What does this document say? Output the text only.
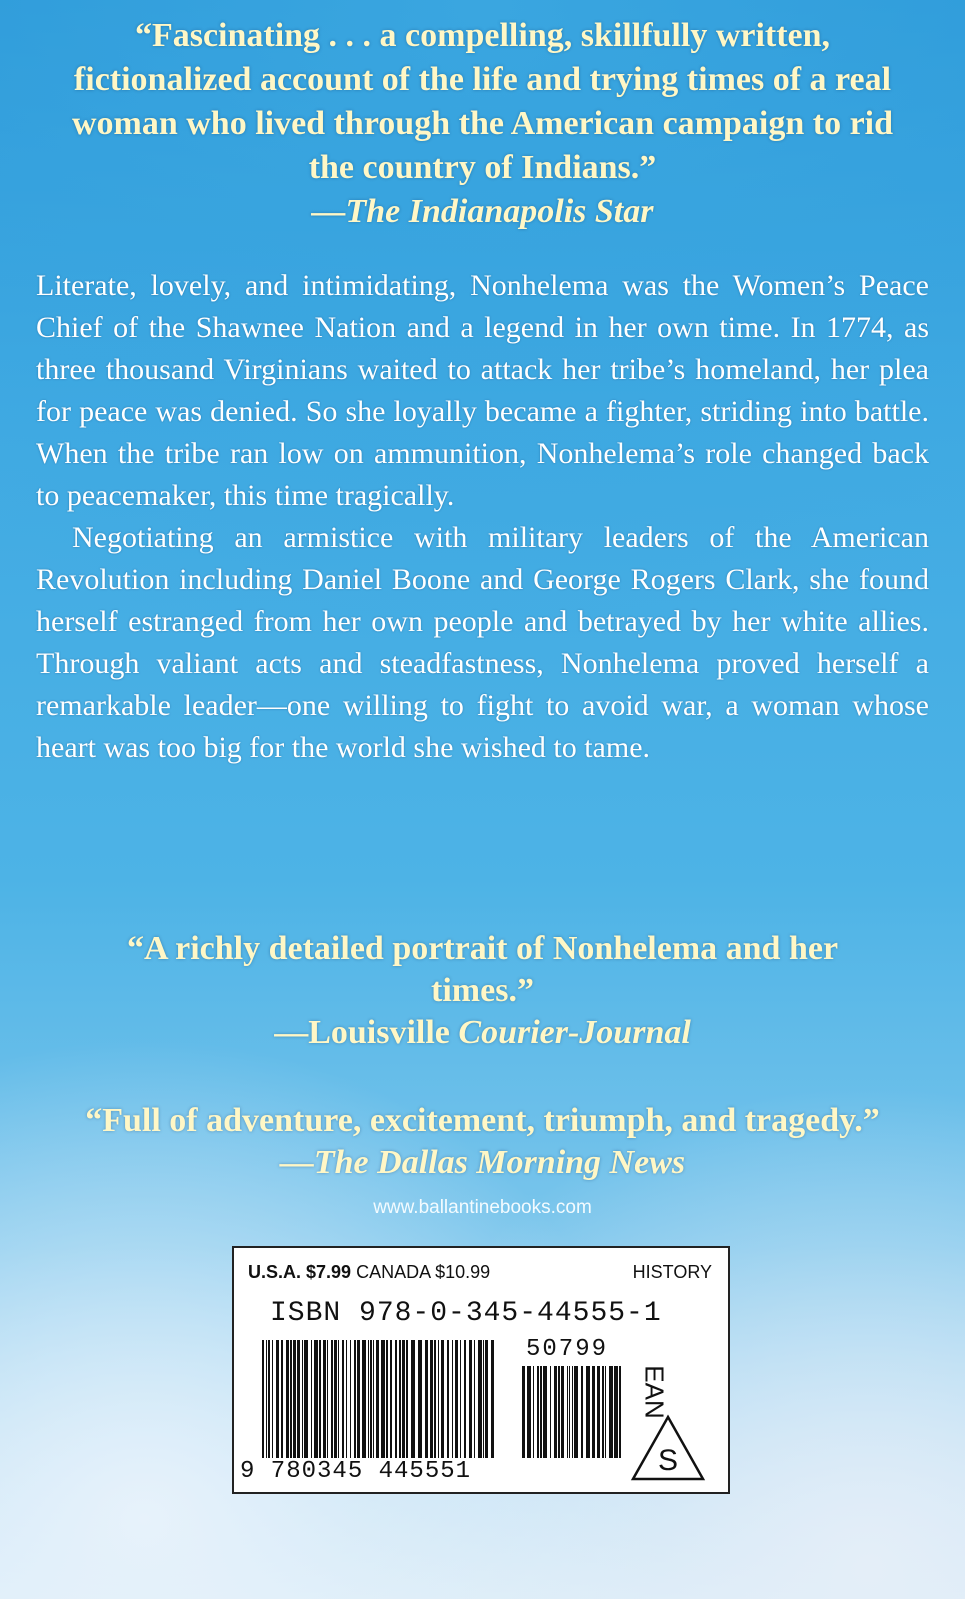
“Fascinating . . . a compelling, skillfully written, fictionalized account of the life and trying times of a real woman who lived through the American campaign to rid the country of Indians.”
—The Indianapolis Star

Literate, lovely, and intimidating, Nonhelema was the Women’s Peace Chief of the Shawnee Nation and a legend in her own time. In 1774, as three thousand Virginians waited to attack her tribe’s homeland, her plea for peace was denied. So she loyally became a fighter, striding into battle. When the tribe ran low on ammunition, Nonhelema’s role changed back to peacemaker, this time tragically.

Negotiating an armistice with military leaders of the American Revolution including Daniel Boone and George Rogers Clark, she found herself estranged from her own people and betrayed by her white allies. Through valiant acts and steadfastness, Nonhelema proved herself a remarkable leader—one willing to fight to avoid war, a woman whose heart was too big for the world she wished to tame.

“A richly detailed portrait of Nonhelema and her times.”
—Louisville Courier-Journal
“Full of adventure, excitement, triumph, and tragedy.”
—The Dallas Morning News
www.ballantinebooks.com
U.S.A. $7.99 CANADA $10.99	HISTORY
ISBN 978-0-345-44555-1
50799
9 780345 445551
EAN
S
